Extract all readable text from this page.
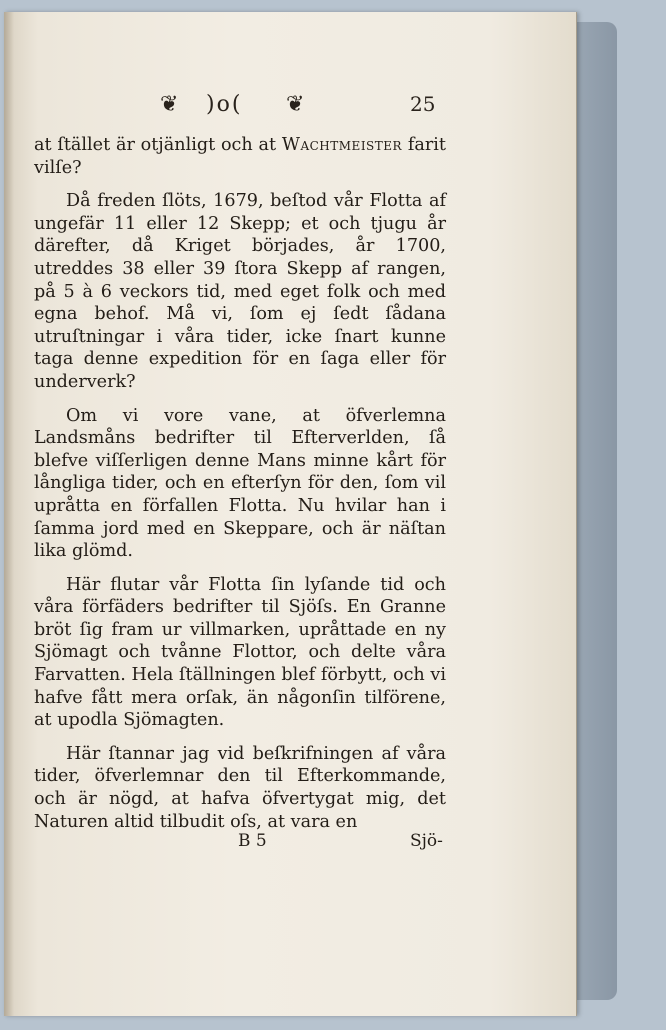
❦ )o( ❦	25

at ſtället är otjänligt och at Wachtmeister farit vilſe?

Då freden ſlöts, 1679, beſtod vår Flotta af ungefär 11 eller 12 Skepp; et och tjugu år därefter, då Kriget börjades, år 1700, utreddes 38 eller 39 ſtora Skepp af rangen, på 5 à 6 veckors tid, med eget folk och med egna behof. Må vi, ſom ej ſedt ſådana utruſtningar i våra tider, icke ſnart kunne taga denne expedition för en ſaga eller för underverk?

Om vi vore vane, at öfverlemna Landsmåns bedrifter til Efterverlden, ſå blefve viſſerligen denne Mans minne kårt för långliga tider, och en efterſyn för den, ſom vil upråtta en förfallen Flotta. Nu hvilar han i ſamma jord med en Skeppare, och är näſtan lika glömd.

Här flutar vår Flotta ſin lyſande tid och våra förfäders bedrifter til Sjöſs. En Granne bröt ſig fram ur villmarken, upråttade en ny Sjömagt och tvånne Flottor, och delte våra Farvatten. Hela ſtällningen blef förbytt, och vi hafve fått mera orſak, än någonſin tilförene, at upodla Sjömagten.

Här ſtannar jag vid beſkrifningen af våra tider, öfverlemnar den til Efterkommande, och är nögd, at hafva öfvertygat mig, det Naturen altid tilbudit oſs, at vara en

B 5	Sjö-
